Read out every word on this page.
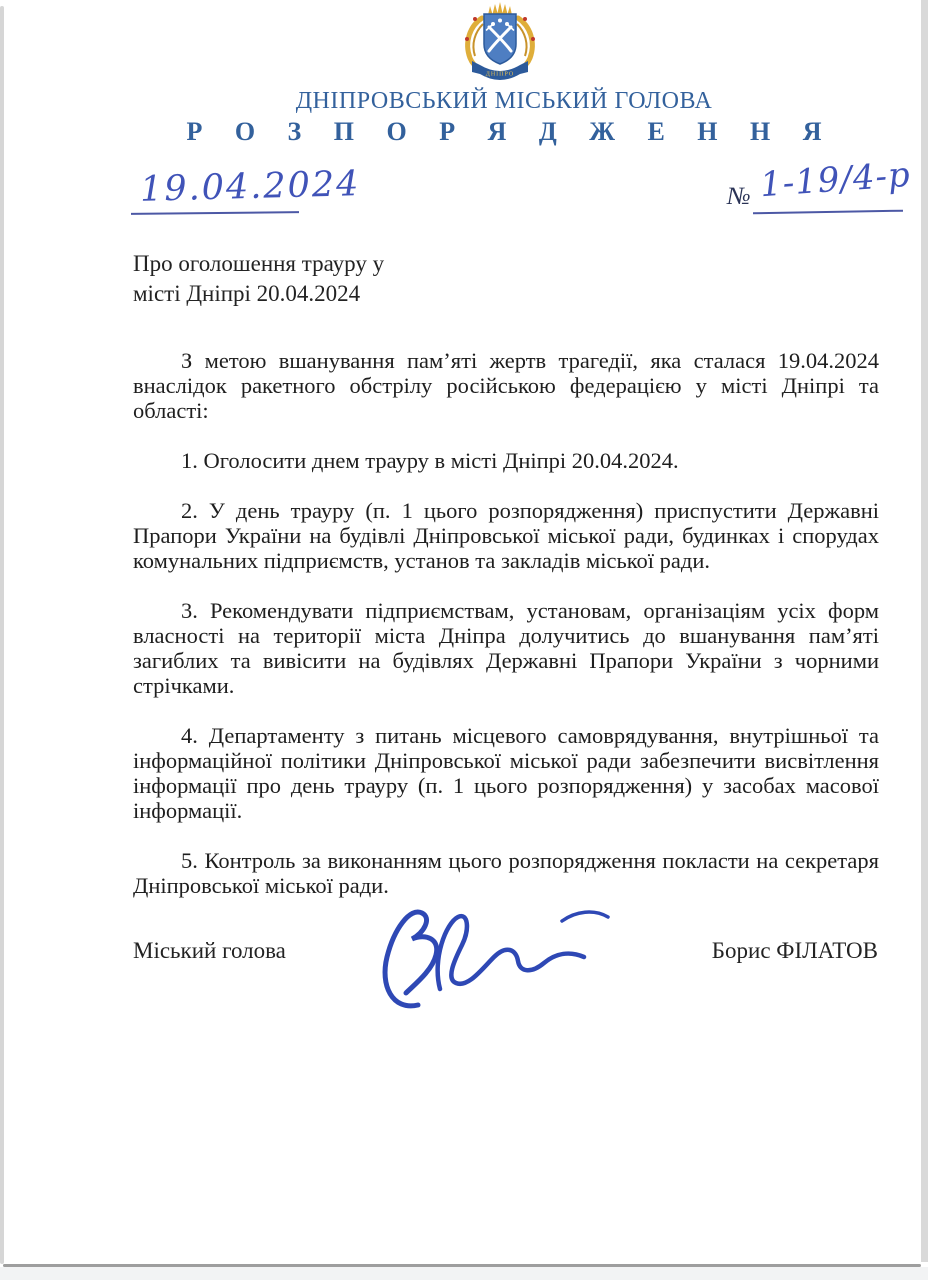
ДНІПРО
ДНІПРОВСЬКИЙ МІСЬКИЙ ГОЛОВА
Р О З П О Р Я Д Ж Е Н Н Я
19.04.2024	№ 1-19/4-р
Про оголошення трауру у
місті Дніпрі 20.04.2024

З метою вшанування пам’яті жертв трагедії, яка сталася 19.04.2024 внаслідок ракетного обстрілу російською федерацією у місті Дніпрі та області:

1. Оголосити днем трауру в місті Дніпрі 20.04.2024.

2. У день трауру (п. 1 цього розпорядження) приспустити Державні Прапори України на будівлі Дніпровської міської ради, будинках і спорудах комунальних підприємств, установ та закладів міської ради.

3. Рекомендувати підприємствам, установам, організаціям усіх форм власності на території міста Дніпра долучитись до вшанування пам’яті загиблих та вивісити на будівлях Державні Прапори України з чорними стрічками.

4. Департаменту з питань місцевого самоврядування, внутрішньої та інформаційної політики Дніпровської міської ради забезпечити висвітлення інформації про день трауру (п. 1 цього розпорядження) у засобах масової інформації.

5. Контроль за виконанням цього розпорядження покласти на секретаря Дніпровської міської ради.

Міський голова	Борис ФІЛАТОВ
